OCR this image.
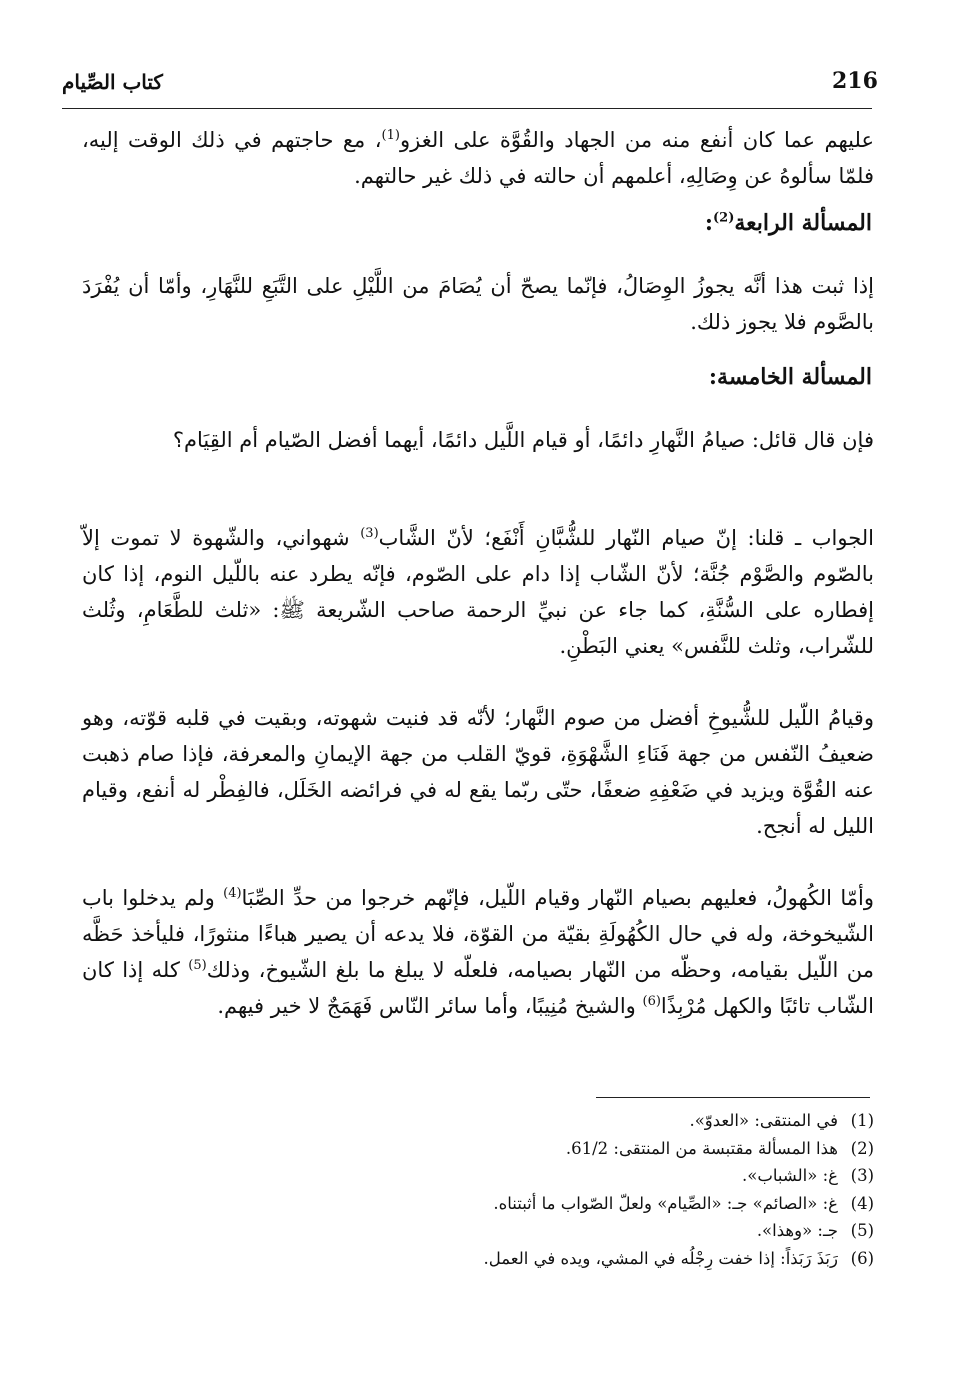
216
كتاب الصِّيام
عليهم عما كان أنفع منه من الجهاد والقُوَّة على الغزو$^{(1)}$، مع حاجتهم في ذلك الوقت إليه، فلمّا سألوهُ عن وِصَالِهِ، أعلمهم أن حالته في ذلك غير حالتهم.
المسألة الرابعة$^{(2)}$:
إذا ثبت هذا أنَّه يجوزُ الوِصَالُ، فإنّما يصحّ أن يُصَامَ من اللَّيْلِ على التَّبَعِ للنَّهَارِ، وأمّا أن يُفْرَدَ بالصَّوم فلا يجوز ذلك.
المسألة الخامسة:
فإن قال قائل: صيامُ النَّهارِ دائمًا، أو قيام اللَّيل دائمًا، أيهما أفضل الصّيام أم القِيَام؟
الجواب ـ قلنا: إنّ صيام النّهار للشُّبَّانِ أَنْفَع؛ لأنّ الشَّاب$^{(3)}$ شهواني، والشّهوة لا تموت إلاّ بالصّوم والصَّوْم جُنَّة؛ لأنّ الشّاب إذا دام على الصّوم، فإنّه يطرد عنه باللّيل النوم، إذا كان إفطاره على السُّنَّةِ، كما جاء عن نبيِّ الرحمة صاحب الشّريعة ﷺ: «ثلث للطَّعَامِ، وثُلث للشّراب، وثلث للنَّفس» يعني البَطْنِ.
وقيامُ اللّيل للشُّيوخِ أفضل من صوم النَّهار؛ لأنّه قد فنيت شهوته، وبقيت في قلبه قوّته، وهو ضعيفُ النّفس من جهة فَنَاءِ الشَّهْوَةِ، قويّ القلب من جهة الإيمانِ والمعرفة، فإذا صام ذهبت عنه القُوَّة ويزيد في ضَعْفِهِ ضعفًا، حتّى ربّما يقع له في فرائضه الخَلَل، فالفِطْر له أنفع، وقيام الليل له أنجح.
وأمّا الكُهولُ، فعليهم بصيام النّهار وقيام اللّيل، فإنّهم خرجوا من حدِّ الصِّبَا$^{(4)}$ ولم يدخلوا باب الشّيخوخة، وله في حال الكُهُولَةِ بقيّة من القوّة، فلا يدعه أن يصير هباءًا منثورًا، فليأخذ حَظَّه من اللّيل بقيامه، وحظّه من النّهار بصيامه، فلعلّه لا يبلغ ما بلغ الشّيوخ، وذلك$^{(5)}$ كله إذا كان الشّاب تائبًا والكهل مُرْبِذًا$^{(6)}$ والشيخ مُنِيبًا، وأما سائر النّاس فَهَمَجٌ لا خير فيهم.
(1)
في المنتقى: «العدوّ».
(2)
هذا المسألة مقتبسة من المنتقى: 61/2.
(3)
غ: «الشباب».
(4)
غ: «الصائم» جـ: «الصِّيام» ولعلّ الصّواب ما أثبتناه.
(5)
جـ: «وهذا».
(6)
رَبَذَ رَبَذاً: إذا خفت رِجْلُه في المشي، ويده في العمل.
